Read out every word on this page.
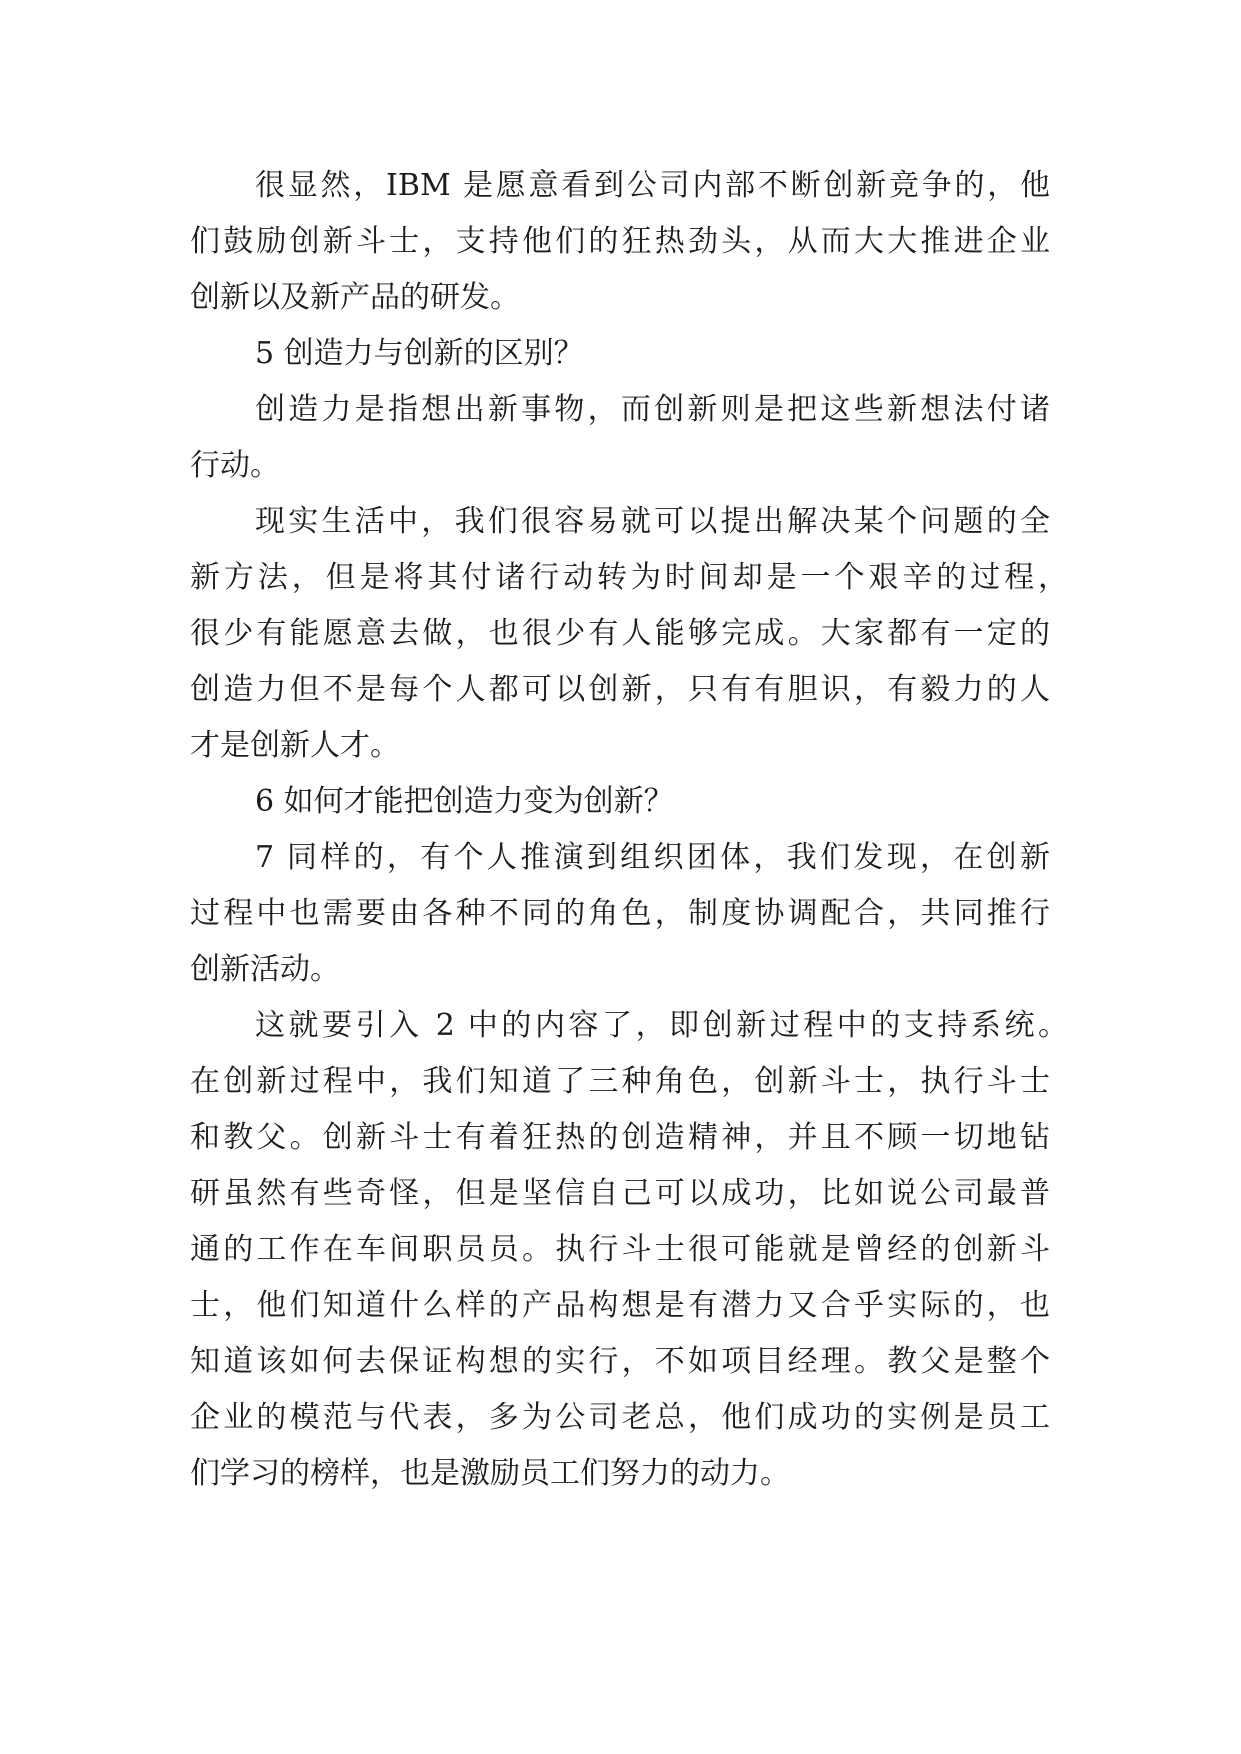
很显然，IBM 是愿意看到公司内部不断创新竞争的，他
们鼓励创新斗士，支持他们的狂热劲头，从而大大推进企业
创新以及新产品的研发。
5 创造力与创新的区别？
创造力是指想出新事物，而创新则是把这些新想法付诸
行动。
现实生活中，我们很容易就可以提出解决某个问题的全
新方法，但是将其付诸行动转为时间却是一个艰辛的过程，
很少有能愿意去做，也很少有人能够完成。大家都有一定的
创造力但不是每个人都可以创新，只有有胆识，有毅力的人
才是创新人才。
6 如何才能把创造力变为创新？
7 同样的，有个人推演到组织团体，我们发现，在创新
过程中也需要由各种不同的角色，制度协调配合，共同推行
创新活动。
这就要引入 2 中的内容了，即创新过程中的支持系统。
在创新过程中，我们知道了三种角色，创新斗士，执行斗士
和教父。创新斗士有着狂热的创造精神，并且不顾一切地钻
研虽然有些奇怪，但是坚信自己可以成功，比如说公司最普
通的工作在车间职员员。执行斗士很可能就是曾经的创新斗
士，他们知道什么样的产品构想是有潜力又合乎实际的，也
知道该如何去保证构想的实行，不如项目经理。教父是整个
企业的模范与代表，多为公司老总，他们成功的实例是员工
们学习的榜样，也是激励员工们努力的动力。
